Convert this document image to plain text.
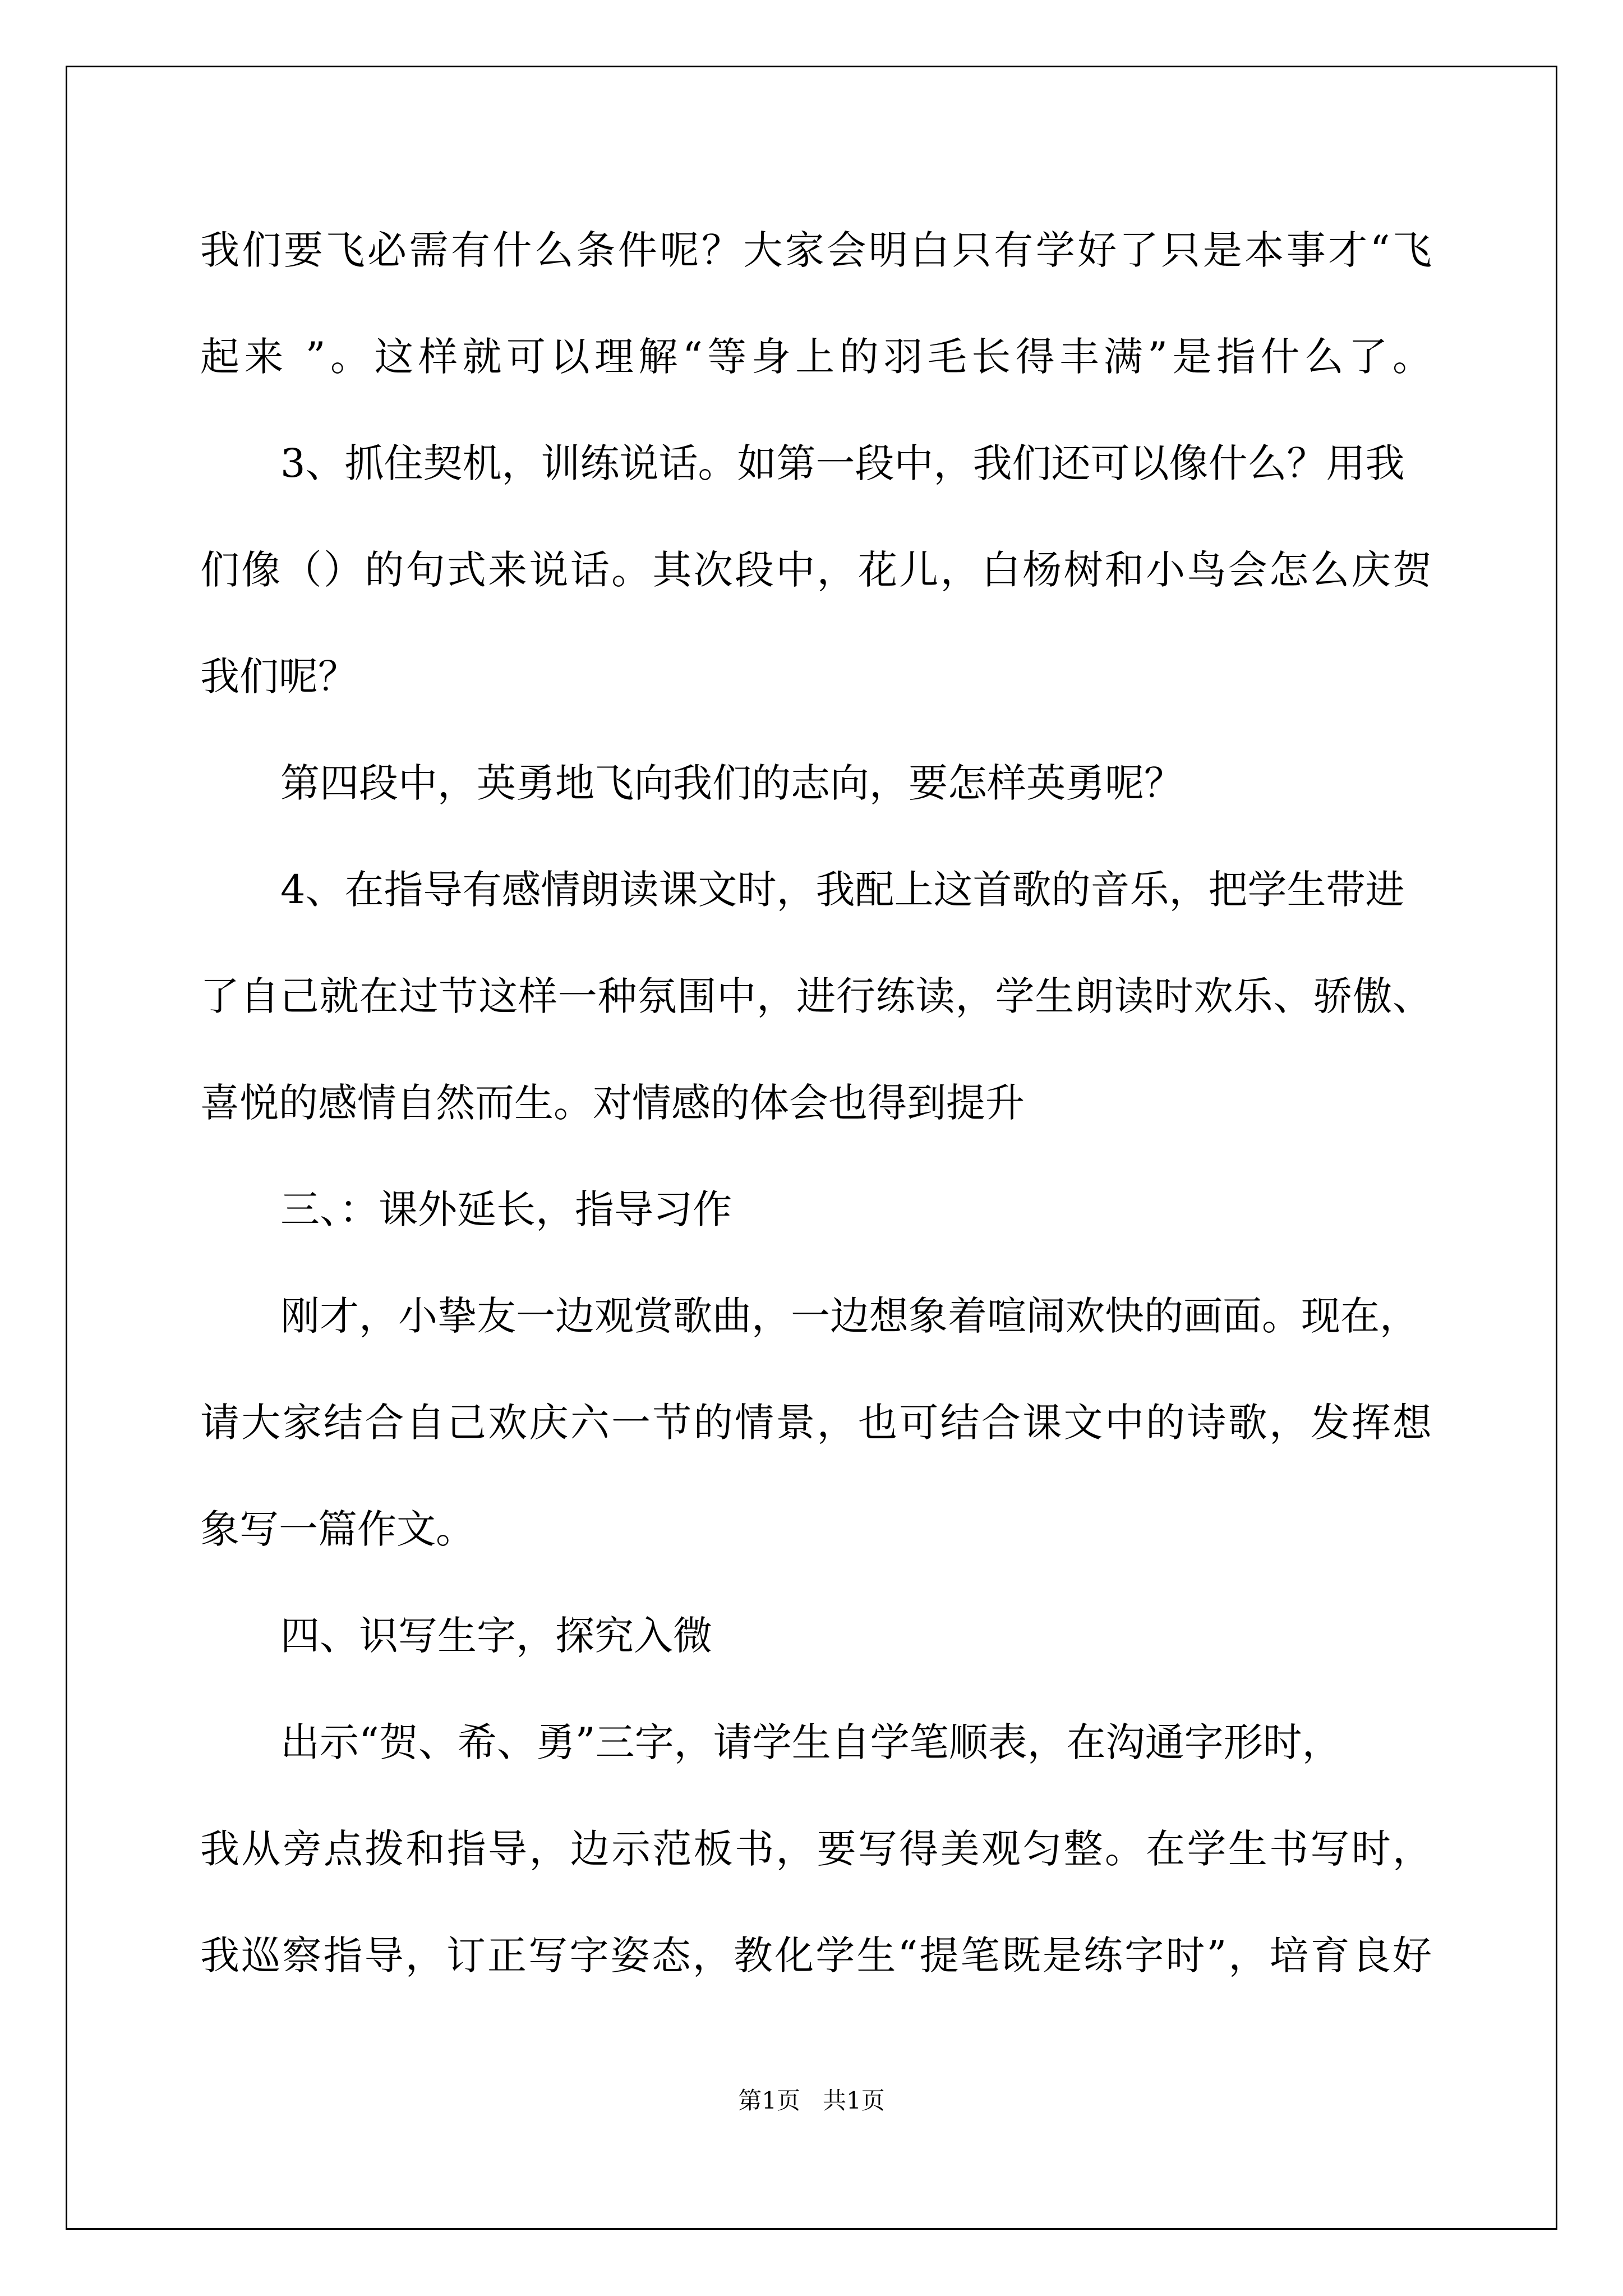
我们要飞必需有什么条件呢？大家会明白只有学好了只是本事才“飞

起来 ”。这样就可以理解“等身上的羽毛长得丰满”是指什么了。

3、抓住契机，训练说话。如第一段中，我们还可以像什么？用我

们像（）的句式来说话。其次段中，花儿，白杨树和小鸟会怎么庆贺

我们呢？

第四段中，英勇地飞向我们的志向，要怎样英勇呢？

4、在指导有感情朗读课文时，我配上这首歌的音乐，把学生带进

了自己就在过节这样一种氛围中，进行练读，学生朗读时欢乐、骄傲、

喜悦的感情自然而生。对情感的体会也得到提升

三、：课外延长，指导习作

刚才，小挚友一边观赏歌曲，一边想象着喧闹欢快的画面。现在，

请大家结合自己欢庆六一节的情景，也可结合课文中的诗歌，发挥想

象写一篇作文。

四、识写生字，探究入微

出示“贺、希、勇”三字，请学生自学笔顺表，在沟通字形时，

我从旁点拨和指导，边示范板书，要写得美观匀整。在学生书写时，

我巡察指导，订正写字姿态，教化学生“提笔既是练字时”，培育良好

第1页   共1页
